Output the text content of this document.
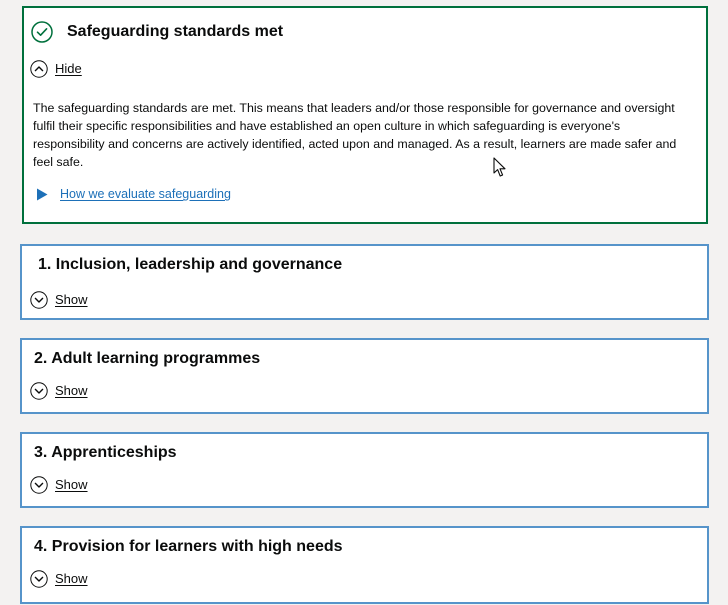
Safeguarding standards met
Hide

The safeguarding standards are met. This means that leaders and/or those responsible for governance and oversight fulfil their specific responsibilities and have established an open culture in which safeguarding is everyone's responsibility and concerns are actively identified, acted upon and managed. As a result, learners are made safer and feel safe.

How we evaluate safeguarding
1. Inclusion, leadership and governance
Show
2. Adult learning programmes
Show
3. Apprenticeships
Show
4. Provision for learners with high needs
Show
